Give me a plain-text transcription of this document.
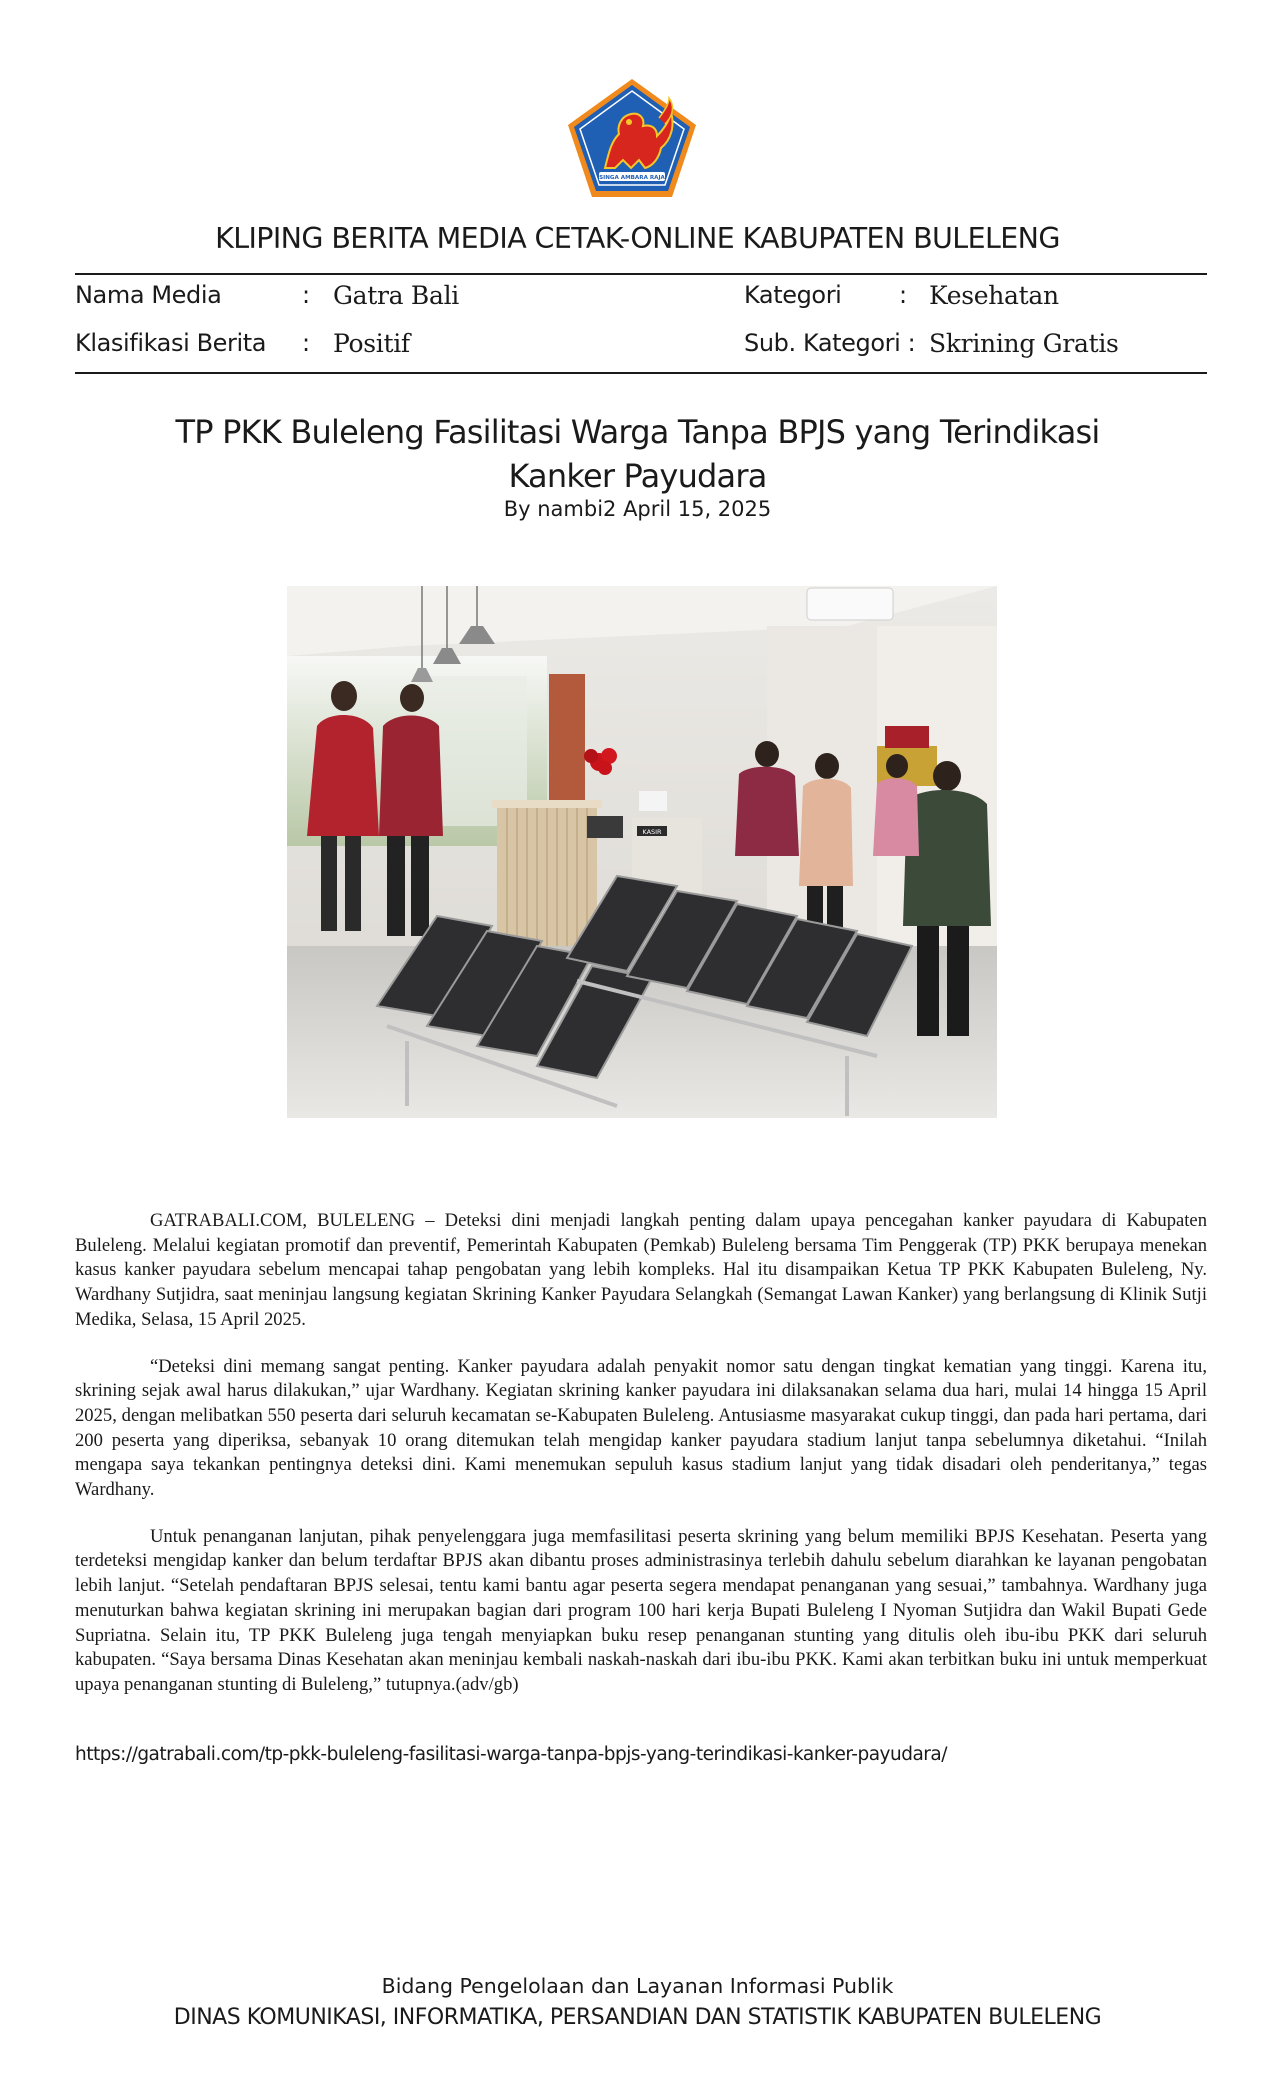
SINGA AMBARA RAJA
KLIPING BERITA MEDIA CETAK-ONLINE KABUPATEN BULELENG
Nama Media	: Gatra Bali	Kategori : Kesehatan
Klasifikasi Berita : Positif	Sub. Kategori : Skrining Gratis
TP PKK Buleleng Fasilitasi Warga Tanpa BPJS yang Terindikasi
Kanker Payudara
By nambi2 April 15, 2025
KASIR

GATRABALI.COM, BULELENG – Deteksi dini menjadi langkah penting dalam upaya pencegahan kanker payudara di Kabupaten Buleleng. Melalui kegiatan promotif dan preventif, Pemerintah Kabupaten (Pemkab) Buleleng bersama Tim Penggerak (TP) PKK berupaya menekan kasus kanker payudara sebelum mencapai tahap pengobatan yang lebih kompleks. Hal itu disampaikan Ketua TP PKK Kabupaten Buleleng, Ny. Wardhany Sutjidra, saat meninjau langsung kegiatan Skrining Kanker Payudara Selangkah (Semangat Lawan Kanker) yang berlangsung di Klinik Sutji Medika, Selasa, 15 April 2025.

“Deteksi dini memang sangat penting. Kanker payudara adalah penyakit nomor satu dengan tingkat kematian yang tinggi. Karena itu, skrining sejak awal harus dilakukan,” ujar Wardhany. Kegiatan skrining kanker payudara ini dilaksanakan selama dua hari, mulai 14 hingga 15 April 2025, dengan melibatkan 550 peserta dari seluruh kecamatan se-Kabupaten Buleleng. Antusiasme masyarakat cukup tinggi, dan pada hari pertama, dari 200 peserta yang diperiksa, sebanyak 10 orang ditemukan telah mengidap kanker payudara stadium lanjut tanpa sebelumnya diketahui. “Inilah mengapa saya tekankan pentingnya deteksi dini. Kami menemukan sepuluh kasus stadium lanjut yang tidak disadari oleh penderitanya,” tegas Wardhany.

Untuk penanganan lanjutan, pihak penyelenggara juga memfasilitasi peserta skrining yang belum memiliki BPJS Kesehatan. Peserta yang terdeteksi mengidap kanker dan belum terdaftar BPJS akan dibantu proses administrasinya terlebih dahulu sebelum diarahkan ke layanan pengobatan lebih lanjut. “Setelah pendaftaran BPJS selesai, tentu kami bantu agar peserta segera mendapat penanganan yang sesuai,” tambahnya. Wardhany juga menuturkan bahwa kegiatan skrining ini merupakan bagian dari program 100 hari kerja Bupati Buleleng I Nyoman Sutjidra dan Wakil Bupati Gede Supriatna. Selain itu, TP PKK Buleleng juga tengah menyiapkan buku resep penanganan stunting yang ditulis oleh ibu-ibu PKK dari seluruh kabupaten. “Saya bersama Dinas Kesehatan akan meninjau kembali naskah-naskah dari ibu-ibu PKK. Kami akan terbitkan buku ini untuk memperkuat upaya penanganan stunting di Buleleng,” tutupnya.(adv/gb)

https://gatrabali.com/tp-pkk-buleleng-fasilitasi-warga-tanpa-bpjs-yang-terindikasi-kanker-payudara/
Bidang Pengelolaan dan Layanan Informasi Publik
DINAS KOMUNIKASI, INFORMATIKA, PERSANDIAN DAN STATISTIK KABUPATEN BULELENG
